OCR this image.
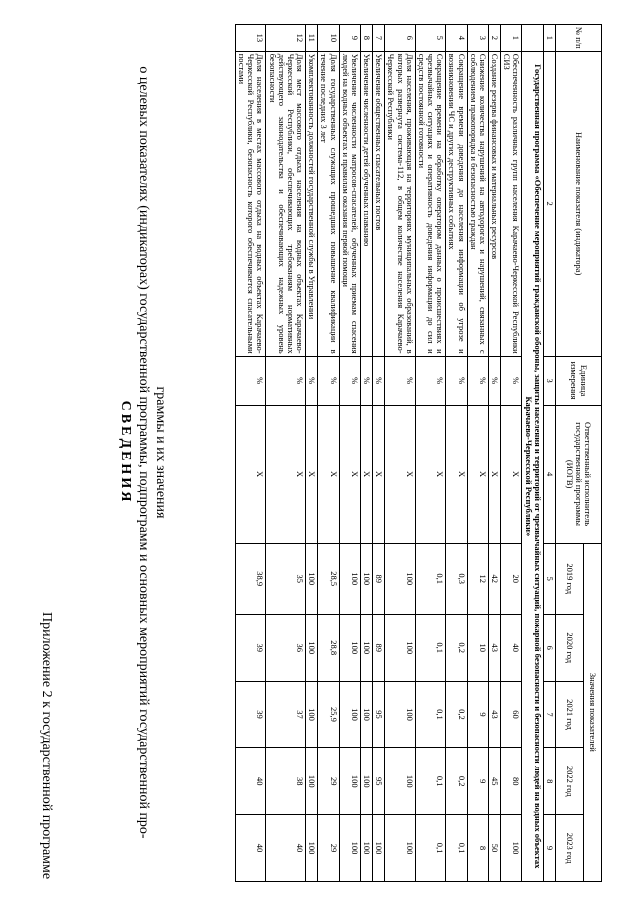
Приложение 2 к государственной программе
СВЕДЕНИЯ о целевых показателях (индикаторах) государственной программы, подпрограмм и основных мероприятий государственной про- граммы и их значения
№ п/п	Наименование показателя (индикатора)	Единица измерения	Ответственный исполнитель государственной программы (ИОГВ)	Значения показателей				
				2019 год	2020 год	2021 год	2022 год	2023 год
1	2	3	4	5	6	7	8	9
	Государственная программа «Обеспечение мероприятий гражданской обороны, защиты населения и территорий от чрезвычайных ситуаций, пожарной безопасности и безопасности людей на водных объектах Карачаево-Черкесской Республики»							
1	Обеспеченность различных групп населения Карачаево-Черкесской Республики СИЗ	%	Х	20	40	60	80	100
2	Создание резерва финансовых и материальных ресурсов	%	Х	42	43	43	45	50
3	Снижение количества нарушений на автодорогах и нарушений, связанных с соблюдением правопорядка и безопасностью граждан	%	Х	12	10	9	9	8
4	Сокращение времени доведения до населения информации об угрозе и возникновении ЧС и других деструктивных событиях	%	Х	0,3	0,2	0,2	0,2	0,1
5	Сокращение времени на обработку оператором данных о происшествиях и чрезвычайных ситуациях и оперативность доведения информации до сил и средств постоянной готовности	%	Х	0,1	0,1	0,1	0,1	0,1
6	Доля населения, проживающая на территориях муниципальных образований, в которых развернута система-112, в общем количестве населения Карачаево-Черкесской Республики	%	Х	100	100	100	100	100
7	Увеличение общественных спасательных постов	%	Х	89	89	95	95	100
8	Увеличение численности детей обученных плаванию	%	Х	100	100	100	100	100
9	Увеличение численности матросов-спасателей, обученных приемам спасения людей на водных объектах и правилам оказания первой помощи	%	Х	100	100	100	100	100
10	Доля государственных служащих прошедших повышение квалификации в течение последних 3 лет	%	Х	28,5	28,8	25,9	29	29
11	Укомплектованность должностей государственной службы в Управлении	%	Х	100	100	100	100	100
12	Доля мест массового отдыха населения на водных объектах Карачаево-Черкесской Республики, обеспечивающих требованиям нормативных действующего законодательства и обеспечивающих надежных уровень безопасности	%	Х	35	36	37	38	40
13	Доля населения в местах массового отдыха на водных объектах Карачаево-Черкесской Республики, безопасность которого обеспечивается спасательными постами	%	Х	38,9	39	39	40	40
